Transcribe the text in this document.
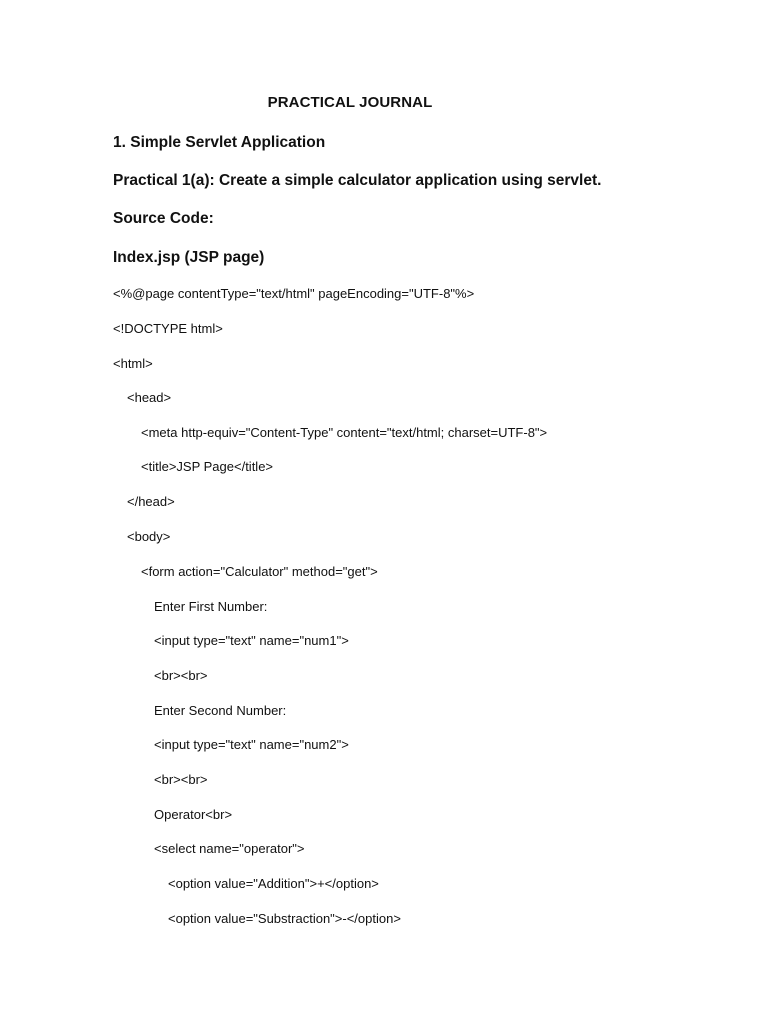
PRACTICAL JOURNAL
1. Simple Servlet Application
Practical 1(a): Create a simple calculator application using servlet.
Source Code:
Index.jsp (JSP page)
<%@page contentType="text/html" pageEncoding="UTF-8"%>
<!DOCTYPE html>
<html>
<head>
<meta http-equiv="Content-Type" content="text/html; charset=UTF-8">
<title>JSP Page</title>
</head>
<body>
<form action="Calculator" method="get">
Enter First Number:
<input type="text" name="num1">
<br><br>
Enter Second Number:
<input type="text" name="num2">
<br><br>
Operator<br>
<select name="operator">
<option value="Addition">+</option>
<option value="Substraction">-</option>
